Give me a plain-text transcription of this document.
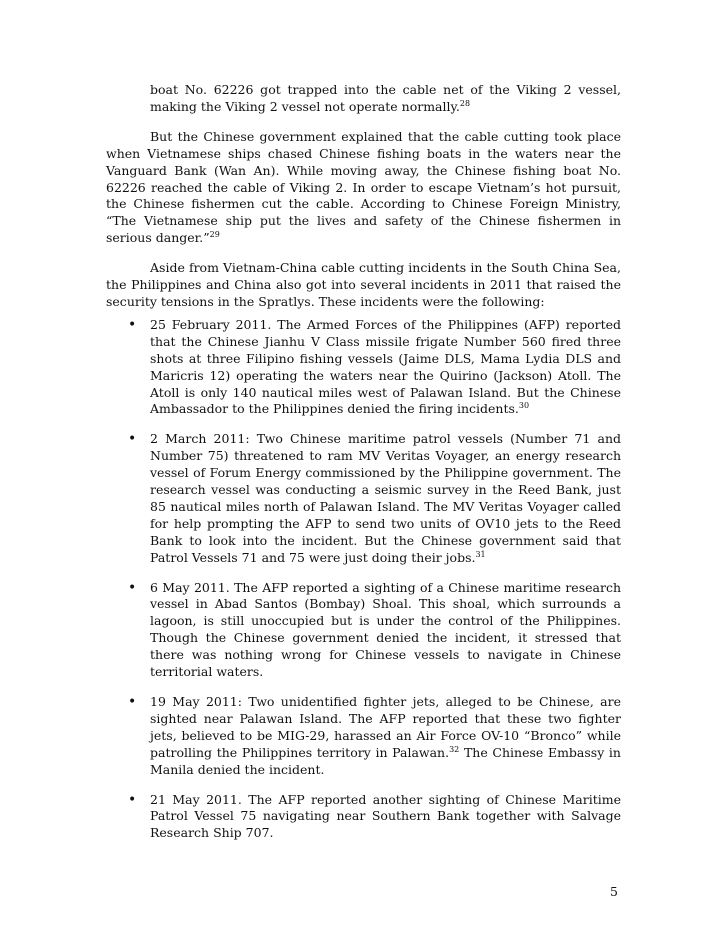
boat No. 62226 got trapped into the cable net of the Viking 2 vessel, making the Viking 2 vessel not operate normally.$^{28}$

But the Chinese government explained that the cable cutting took place when Vietnamese ships chased Chinese fishing boats in the waters near the Vanguard Bank (Wan An). While moving away, the Chinese fishing boat No. 62226 reached the cable of Viking 2. In order to escape Vietnam’s hot pursuit, the Chinese fishermen cut the cable. According to Chinese Foreign Ministry, “The Vietnamese ship put the lives and safety of the Chinese fishermen in serious danger.”$^{29}$

Aside from Vietnam-China cable cutting incidents in the South China Sea, the Philippines and China also got into several incidents in 2011 that raised the security tensions in the Spratlys. These incidents were the following:

• 25 February 2011. The Armed Forces of the Philippines (AFP) reported that the Chinese Jianhu V Class missile frigate Number 560 fired three shots at three Filipino fishing vessels (Jaime DLS, Mama Lydia DLS and Maricris 12) operating the waters near the Quirino (Jackson) Atoll. The Atoll is only 140 nautical miles west of Palawan Island. But the Chinese Ambassador to the Philippines denied the firing incidents.$^{30}$
• 2 March 2011: Two Chinese maritime patrol vessels (Number 71 and Number 75) threatened to ram MV Veritas Voyager, an energy research vessel of Forum Energy commissioned by the Philippine government. The research vessel was conducting a seismic survey in the Reed Bank, just 85 nautical miles north of Palawan Island. The MV Veritas Voyager called for help prompting the AFP to send two units of OV10 jets to the Reed Bank to look into the incident. But the Chinese government said that Patrol Vessels 71 and 75 were just doing their jobs.$^{31}$
• 6 May 2011. The AFP reported a sighting of a Chinese maritime research vessel in Abad Santos (Bombay) Shoal. This shoal, which surrounds a lagoon, is still unoccupied but is under the control of the Philippines. Though the Chinese government denied the incident, it stressed that there was nothing wrong for Chinese vessels to navigate in Chinese territorial waters.
• 19 May 2011: Two unidentified fighter jets, alleged to be Chinese, are sighted near Palawan Island. The AFP reported that these two fighter jets, believed to be MIG-29, harassed an Air Force OV-10 “Bronco” while patrolling the Philippines territory in Palawan.$^{32}$ The Chinese Embassy in Manila denied the incident.
• 21 May 2011. The AFP reported another sighting of Chinese Maritime Patrol Vessel 75 navigating near Southern Bank together with Salvage Research Ship 707.
5
